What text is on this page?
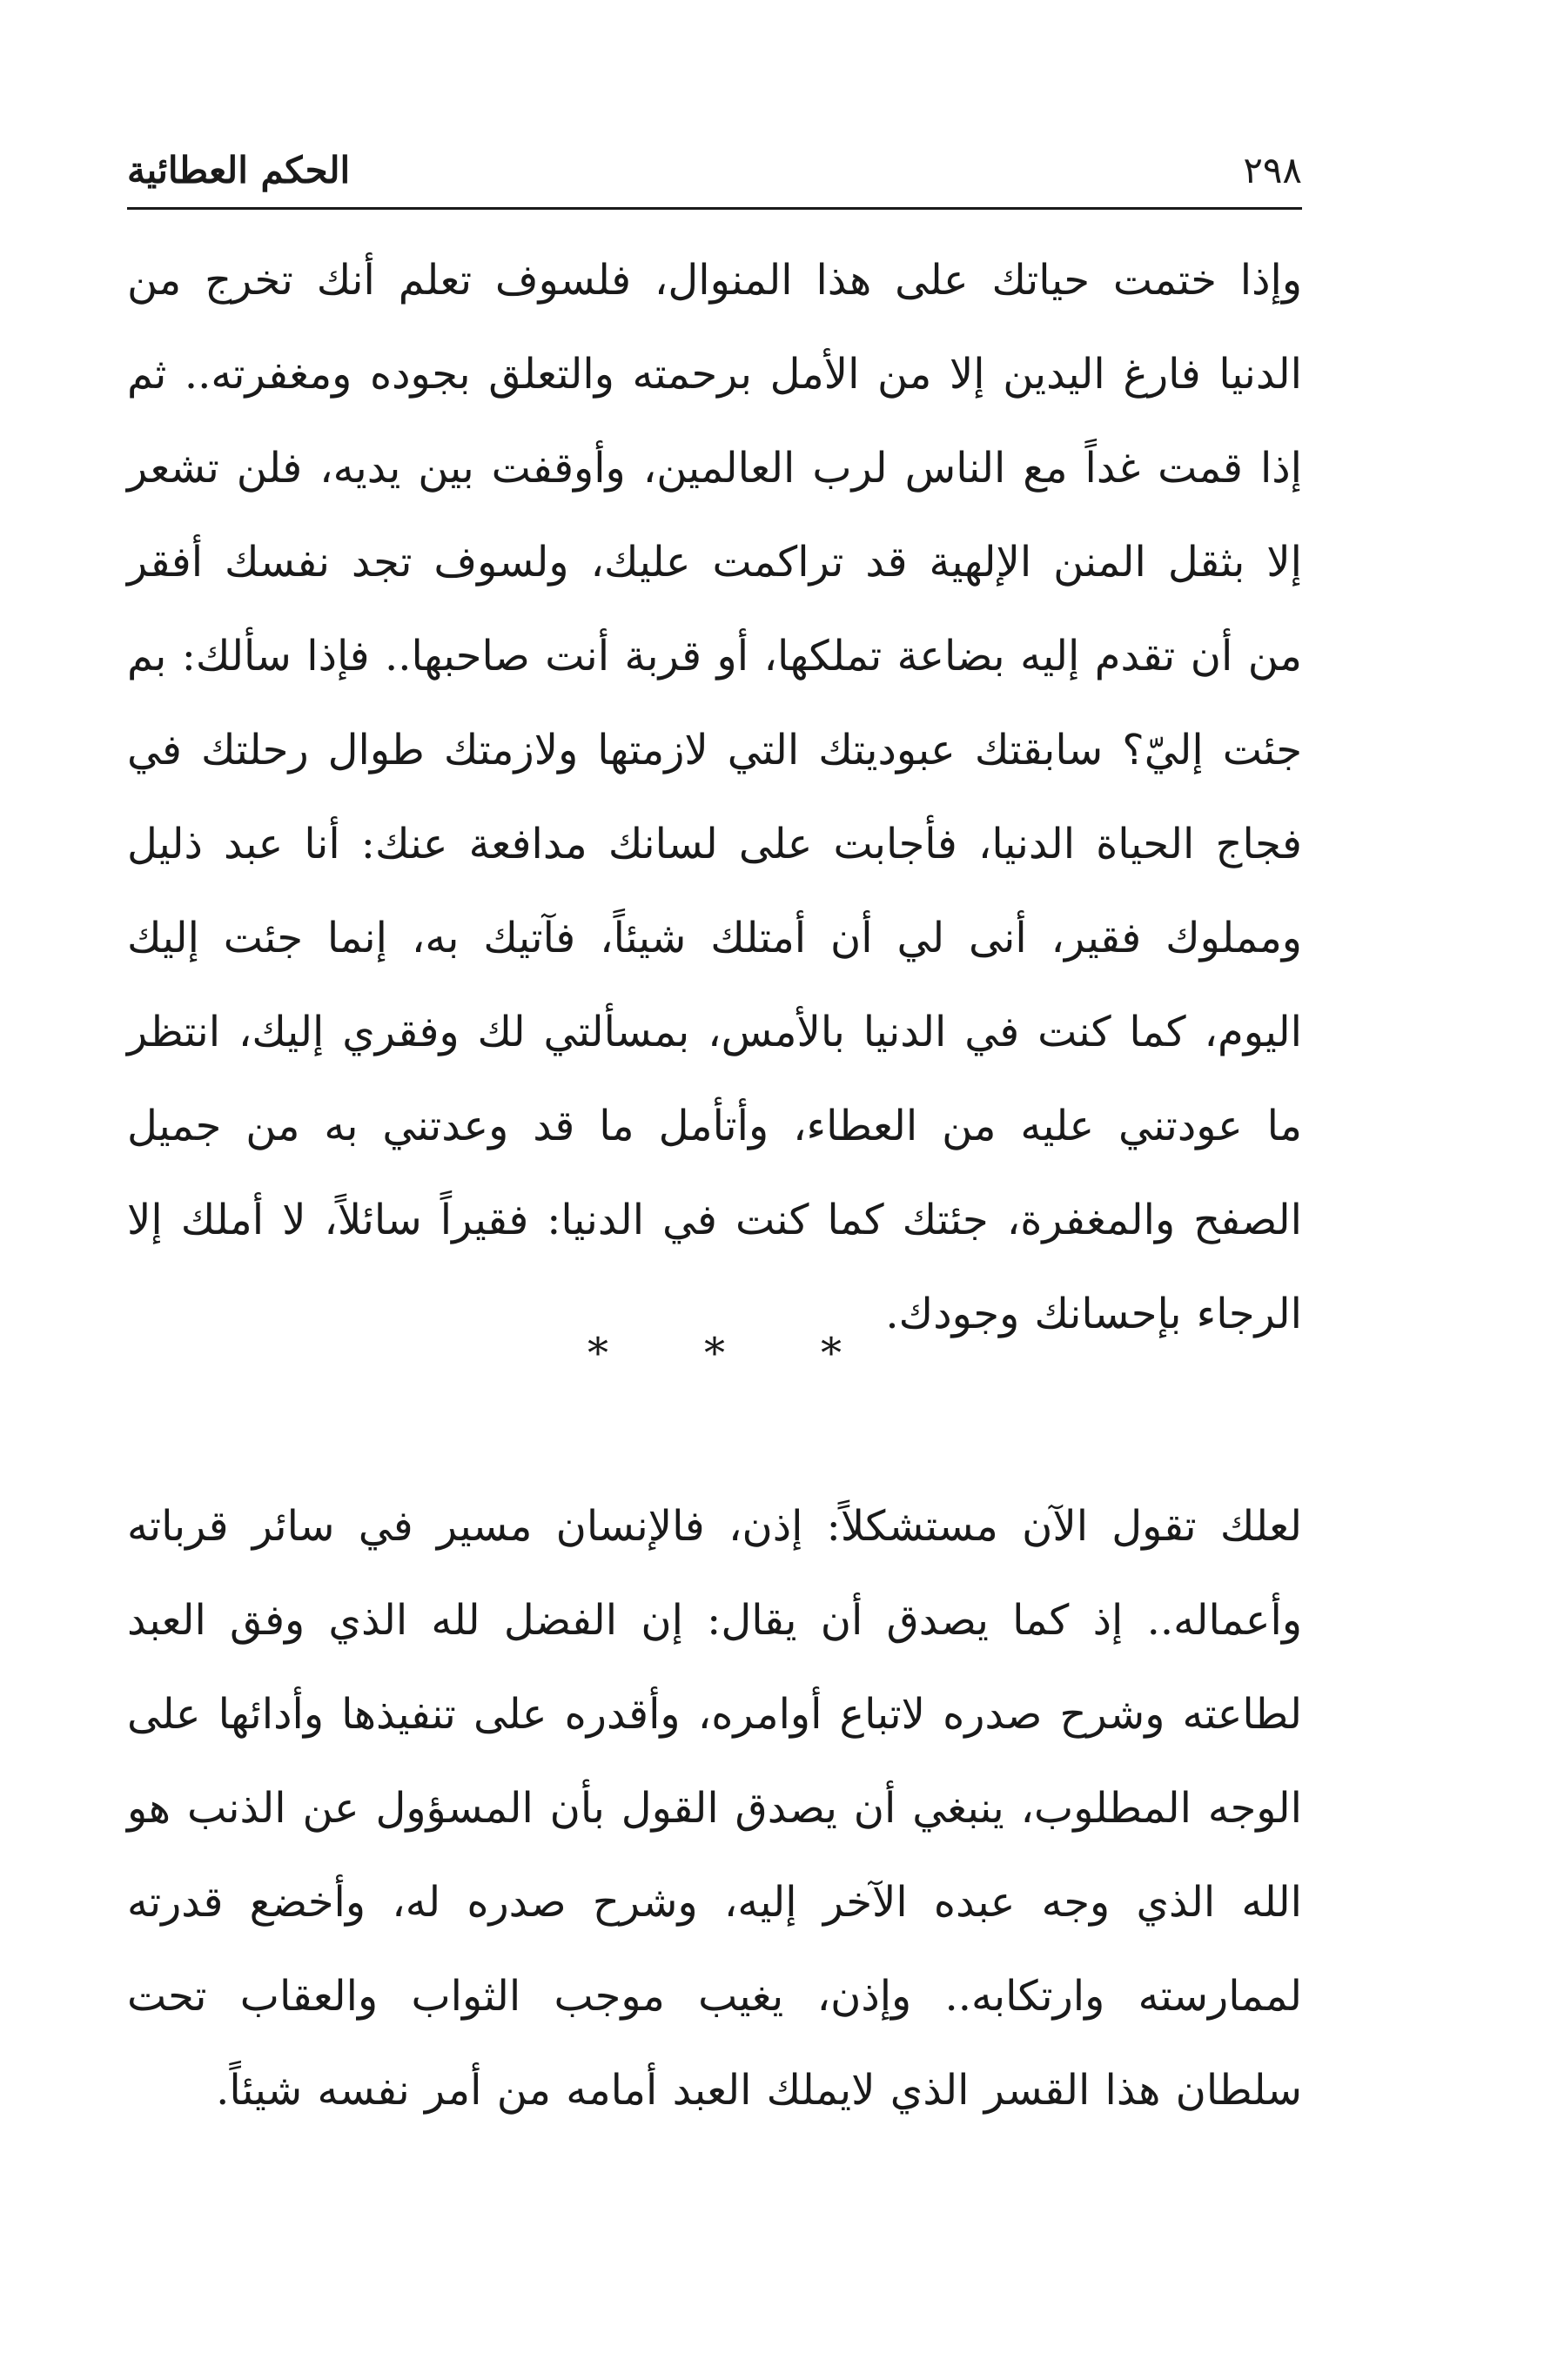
٢٩٨
الحكم العطائية

وإذا ختمت حياتك على هذا المنوال، فلسوف تعلم أنك تخرج من الدنيا فارغ اليدين إلا من الأمل برحمته والتعلق بجوده ومغفرته.. ثم إذا قمت غداً مع الناس لرب العالمين، وأوقفت بين يديه، فلن تشعر إلا بثقل المنن الإلهية قد تراكمت عليك، ولسوف تجد نفسك أفقر من أن تقدم إليه بضاعة تملكها، أو قربة أنت صاحبها.. فإذا سألك: بم جئت إليّ؟ سابقتك عبوديتك التي لازمتها ولازمتك طوال رحلتك في فجاج الحياة الدنيا، فأجابت على لسانك مدافعة عنك: أنا عبد ذليل ومملوك فقير، أنى لي أن أمتلك شيئاً، فآتيك به، إنما جئت إليك اليوم، كما كنت في الدنيا بالأمس، بمسألتي لك وفقري إليك، انتظر ما عودتني عليه من العطاء، وأتأمل ما قد وعدتني به من جميل الصفح والمغفرة، جئتك كما كنت في الدنيا: فقيراً سائلاً، لا أملك إلا الرجاء بإحسانك وجودك.

* * *

لعلك تقول الآن مستشكلاً: إذن، فالإنسان مسير في سائر قرباته وأعماله.. إذ كما يصدق أن يقال: إن الفضل لله الذي وفق العبد لطاعته وشرح صدره لاتباع أوامره، وأقدره على تنفيذها وأدائها على الوجه المطلوب، ينبغي أن يصدق القول بأن المسؤول عن الذنب هو الله الذي وجه عبده الآخر إليه، وشرح صدره له، وأخضع قدرته لممارسته وارتكابه.. وإذن، يغيب موجب الثواب والعقاب تحت سلطان هذا القسر الذي لايملك العبد أمامه من أمر نفسه شيئاً.
